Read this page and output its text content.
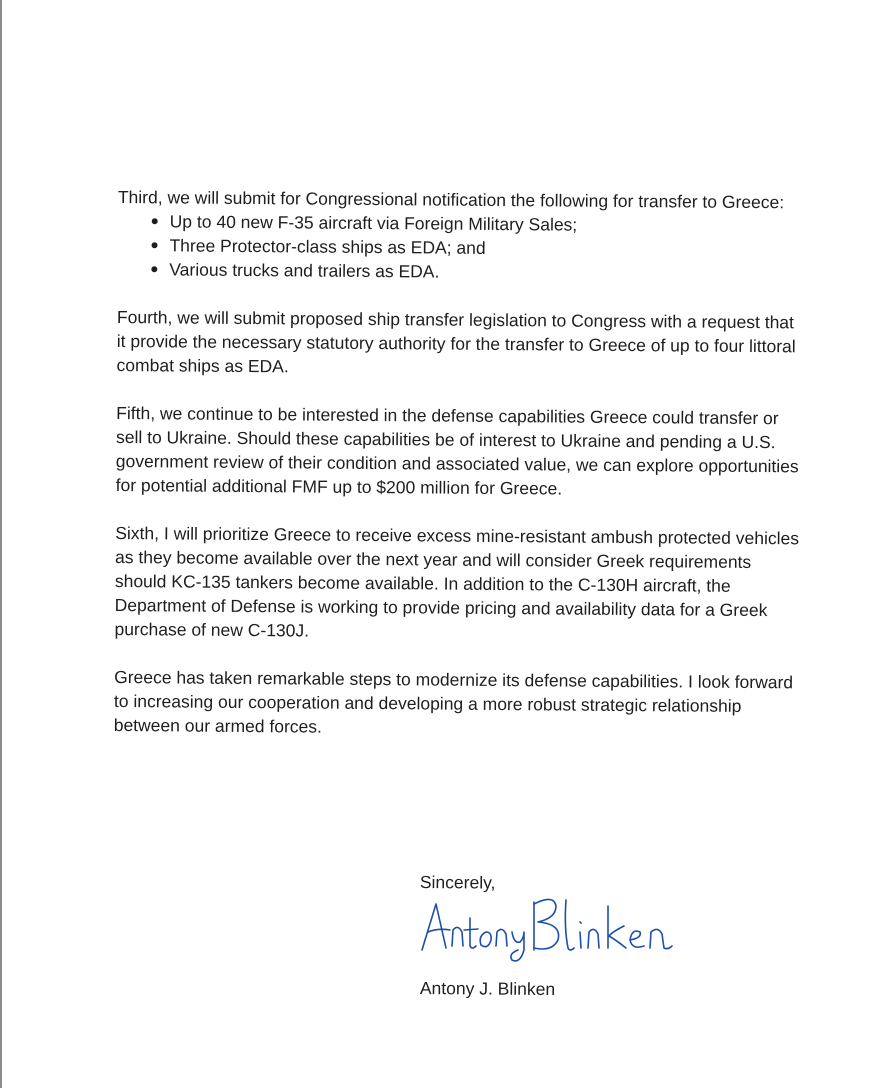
Third, we will submit for Congressional notification the following for transfer to Greece:

Up to 40 new F-35 aircraft via Foreign Military Sales;
Three Protector-class ships as EDA; and
Various trucks and trailers as EDA.

Fourth, we will submit proposed ship transfer legislation to Congress with a request that it provide the necessary statutory authority for the transfer to Greece of up to four littoral combat ships as EDA.

Fifth, we continue to be interested in the defense capabilities Greece could transfer or sell to Ukraine. Should these capabilities be of interest to Ukraine and pending a U.S. government review of their condition and associated value, we can explore opportunities for potential additional FMF up to $200 million for Greece.

Sixth, I will prioritize Greece to receive excess mine-resistant ambush protected vehicles as they become available over the next year and will consider Greek requirements should KC-135 tankers become available. In addition to the C-130H aircraft, the Department of Defense is working to provide pricing and availability data for a Greek purchase of new C-130J.

Greece has taken remarkable steps to modernize its defense capabilities. I look forward to increasing our cooperation and developing a more robust strategic relationship between our armed forces.

Sincerely,
Antony Blinken
Antony J. Blinken
